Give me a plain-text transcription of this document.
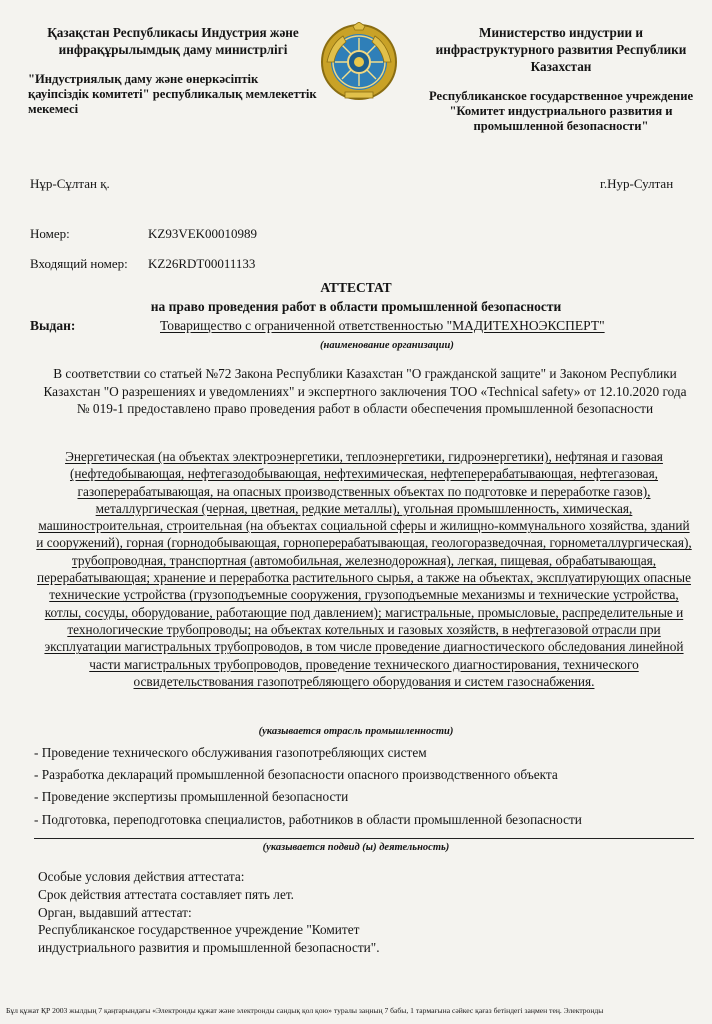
Қазақстан Республикасы Индустрия және инфрақұрылымдық даму министрлігі
"Индустриялық даму және өнеркәсіптік қауіпсіздік комитеті" республикалық мемлекеттік мекемесі
Министерство индустрии и инфраструктурного развития Республики Казахстан
Республиканское государственное учреждение "Комитет индустриального развития и промышленной безопасности"
Нұр-Сұлтан қ.	г.Нур-Султан
Номер:	KZ93VEK00010989
Входящий номер: KZ26RDT00011133
АТТЕСТАТ
на право проведения работ в области промышленной безопасности
Выдан:	Товарищество с ограниченной ответственностью "МАДИТЕХНОЭКСПЕРТ"
(наименование организации)
В соответствии со статьей №72 Закона Республики Казахстан "О гражданской защите" и Законом Республики Казахстан "О разрешениях и уведомлениях" и экспертного заключения ТОО «Technical safety» от 12.10.2020 года № 019-1 предоставлено право проведения работ в области обеспечения промышленной безопасности
Энергетическая (на объектах электроэнергетики, теплоэнергетики, гидроэнергетики), нефтяная и газовая (нефтедобывающая, нефтегазодобывающая, нефтехимическая, нефтеперерабатывающая, нефтегазовая, газоперерабатывающая, на опасных производственных объектах по подготовке и переработке газов), металлургическая (черная, цветная, редкие металлы), угольная промышленность, химическая, машиностроительная, строительная (на объектах социальной сферы и жилищно-коммунального хозяйства, зданий и сооружений), горная (горнодобывающая, горноперерабатывающая, геологоразведочная, горнометаллургическая), трубопроводная, транспортная (автомобильная, железнодорожная), легкая, пищевая, обрабатывающая, перерабатывающая; хранение и переработка растительного сырья, а также на объектах, эксплуатирующих опасные технические устройства (грузоподъемные сооружения, грузоподъемные механизмы и технические устройства, котлы, сосуды, оборудование, работающие под давлением); магистральные, промысловые, распределительные и технологические трубопроводы; на объектах котельных и газовых хозяйств, в нефтегазовой отрасли при эксплуатации магистральных трубопроводов, в том числе проведение диагностического обследования линейной части магистральных трубопроводов, проведение технического диагностирования, технического освидетельствования газопотребляющего оборудования и систем газоснабжения.
(указывается отрасль промышленности)
- Проведение технического обслуживания газопотребляющих систем
- Разработка деклараций промышленной безопасности опасного производственного объекта
- Проведение экспертизы промышленной безопасности
- Подготовка, переподготовка специалистов, работников в области промышленной безопасности
(указывается подвид (ы) деятельность)
Особые условия действия аттестата:
Срок действия аттестата составляет пять лет.
Орган, выдавший аттестат:
Республиканское государственное учреждение "Комитет
индустриального развития и промышленной безопасности".
Бұл құжат ҚР 2003 жылдың 7 қаңтарындағы «Электронды құжат және электронды сандық қол қою» туралы заңның 7 бабы, 1 тармағына сәйкес қағаз бетіндегі заңмен тең. Электронды
